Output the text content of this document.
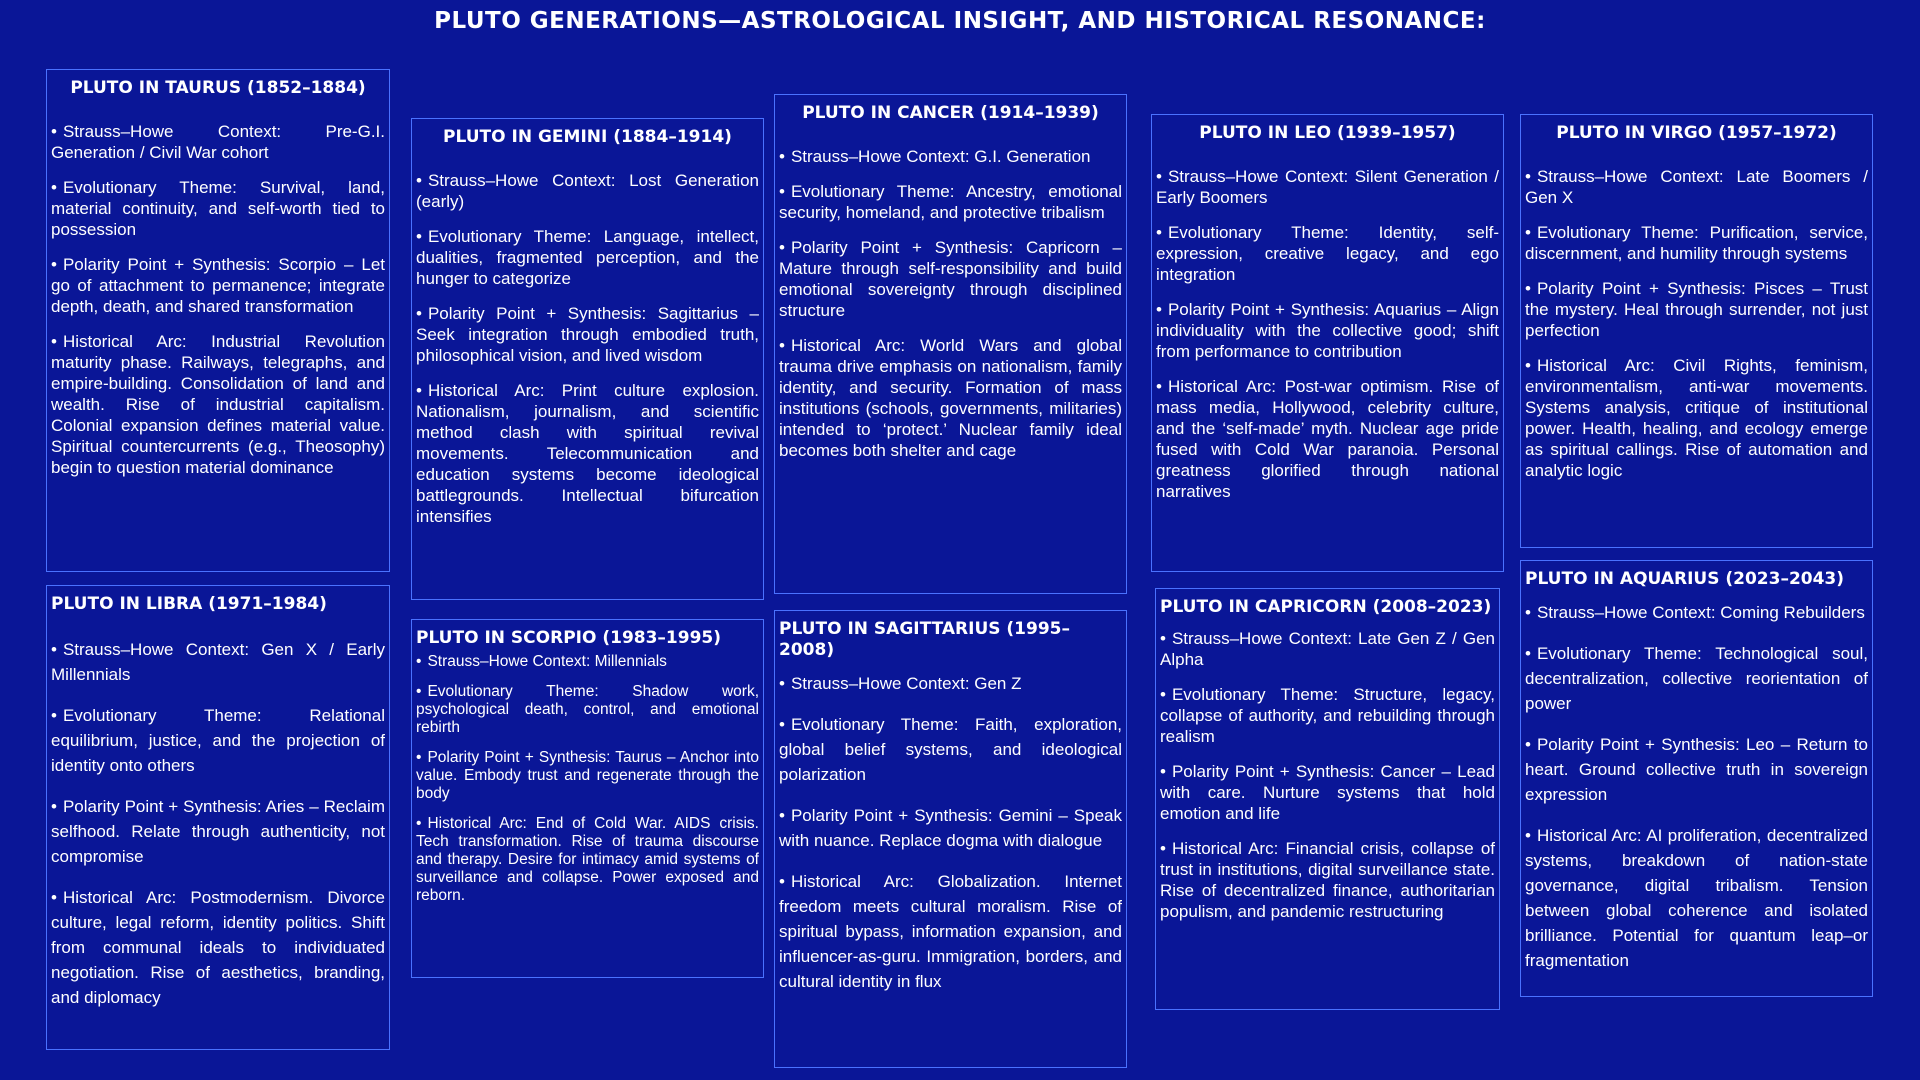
PLUTO GENERATIONS—ASTROLOGICAL INSIGHT, AND HISTORICAL RESONANCE:
PLUTO IN TAURUS (1852–1884)
• Strauss–Howe Context: Pre-G.I. Generation / Civil War cohort
• Evolutionary Theme: Survival, land, material continuity, and self-worth tied to possession
• Polarity Point + Synthesis: Scorpio – Let go of attachment to permanence; integrate depth, death, and shared transformation
• Historical Arc: Industrial Revolution maturity phase. Railways, telegraphs, and empire-building. Consolidation of land and wealth. Rise of industrial capitalism. Colonial expansion defines material value. Spiritual countercurrents (e.g., Theosophy) begin to question material dominance
PLUTO IN LIBRA (1971–1984)
• Strauss–Howe Context: Gen X / Early Millennials
• Evolutionary Theme: Relational equilibrium, justice, and the projection of identity onto others
• Polarity Point + Synthesis: Aries – Reclaim selfhood. Relate through authenticity, not compromise
• Historical Arc: Postmodernism. Divorce culture, legal reform, identity politics. Shift from communal ideals to individuated negotiation. Rise of aesthetics, branding, and diplomacy
PLUTO IN GEMINI (1884–1914)
• Strauss–Howe Context: Lost Generation (early)
• Evolutionary Theme: Language, intellect, dualities, fragmented perception, and the hunger to categorize
• Polarity Point + Synthesis: Sagittarius – Seek integration through embodied truth, philosophical vision, and lived wisdom
• Historical Arc: Print culture explosion. Nationalism, journalism, and scientific method clash with spiritual revival movements. Telecommunication and education systems become ideological battlegrounds. Intellectual bifurcation intensifies
PLUTO IN SCORPIO (1983–1995)
• Strauss–Howe Context: Millennials
• Evolutionary Theme: Shadow work, psychological death, control, and emotional rebirth
• Polarity Point + Synthesis: Taurus – Anchor into value. Embody trust and regenerate through the body
• Historical Arc: End of Cold War. AIDS crisis. Tech transformation. Rise of trauma discourse and therapy. Desire for intimacy amid systems of surveillance and collapse. Power exposed and reborn.
PLUTO IN CANCER (1914–1939)
• Strauss–Howe Context: G.I. Generation
• Evolutionary Theme: Ancestry, emotional security, homeland, and protective tribalism
• Polarity Point + Synthesis: Capricorn – Mature through self-responsibility and build emotional sovereignty through disciplined structure
• Historical Arc: World Wars and global trauma drive emphasis on nationalism, family identity, and security. Formation of mass institutions (schools, governments, militaries) intended to ‘protect.’ Nuclear family ideal becomes both shelter and cage
PLUTO IN SAGITTARIUS (1995–2008)
• Strauss–Howe Context: Gen Z
• Evolutionary Theme: Faith, exploration, global belief systems, and ideological polarization
• Polarity Point + Synthesis: Gemini – Speak with nuance. Replace dogma with dialogue
• Historical Arc: Globalization. Internet freedom meets cultural moralism. Rise of spiritual bypass, information expansion, and influencer-as-guru. Immigration, borders, and cultural identity in flux
PLUTO IN LEO (1939–1957)
• Strauss–Howe Context: Silent Generation / Early Boomers
• Evolutionary Theme: Identity, self-expression, creative legacy, and ego integration
• Polarity Point + Synthesis: Aquarius – Align individuality with the collective good; shift from performance to contribution
• Historical Arc: Post-war optimism. Rise of mass media, Hollywood, celebrity culture, and the ‘self-made’ myth. Nuclear age pride fused with Cold War paranoia. Personal greatness glorified through national narratives
PLUTO IN CAPRICORN (2008–2023)
• Strauss–Howe Context: Late Gen Z / Gen Alpha
• Evolutionary Theme: Structure, legacy, collapse of authority, and rebuilding through realism
• Polarity Point + Synthesis: Cancer – Lead with care. Nurture systems that hold emotion and life
• Historical Arc: Financial crisis, collapse of trust in institutions, digital surveillance state. Rise of decentralized finance, authoritarian populism, and pandemic restructuring
PLUTO IN VIRGO (1957–1972)
• Strauss–Howe Context: Late Boomers / Gen X
• Evolutionary Theme: Purification, service, discernment, and humility through systems
• Polarity Point + Synthesis: Pisces – Trust the mystery. Heal through surrender, not just perfection
• Historical Arc: Civil Rights, feminism, environmentalism, anti-war movements. Systems analysis, critique of institutional power. Health, healing, and ecology emerge as spiritual callings. Rise of automation and analytic logic
PLUTO IN AQUARIUS (2023–2043)
• Strauss–Howe Context: Coming Rebuilders
• Evolutionary Theme: Technological soul, decentralization, collective reorientation of power
• Polarity Point + Synthesis: Leo – Return to heart. Ground collective truth in sovereign expression
• Historical Arc: AI proliferation, decentralized systems, breakdown of nation-state governance, digital tribalism. Tension between global coherence and isolated brilliance. Potential for quantum leap–or fragmentation
